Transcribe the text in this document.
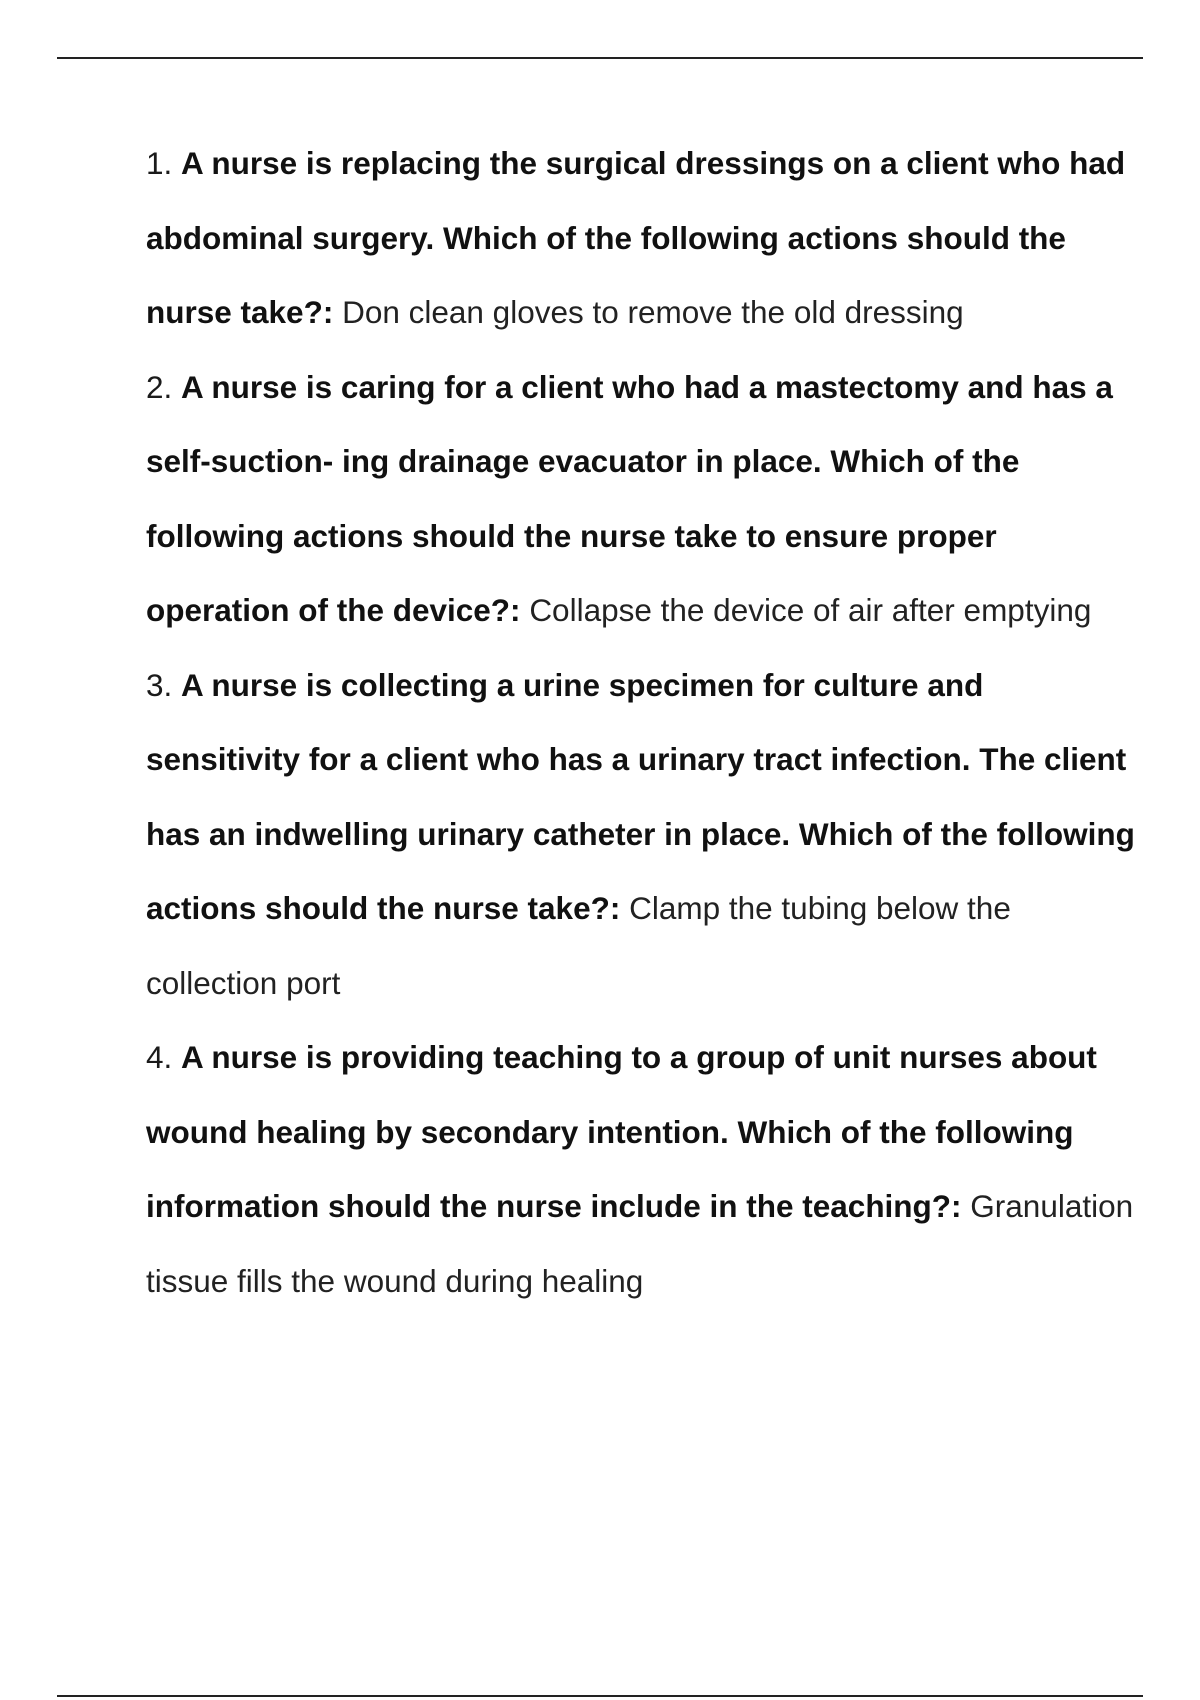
1. A nurse is replacing the surgical dressings on a client who had abdominal surgery. Which of the following actions should the nurse take?: Don clean gloves to remove the old dressing

2. A nurse is caring for a client who had a mastectomy and has a self-suction- ing drainage evacuator in place. Which of the following actions should the nurse take to ensure proper operation of the device?: Collapse the device of air after emptying

3. A nurse is collecting a urine specimen for culture and sensitivity for a client who has a urinary tract infection. The client has an indwelling urinary catheter in place. Which of the following actions should the nurse take?: Clamp the tubing below the collection port

4. A nurse is providing teaching to a group of unit nurses about wound healing by secondary intention. Which of the following information should the nurse include in the teaching?: Granulation tissue fills the wound during healing
